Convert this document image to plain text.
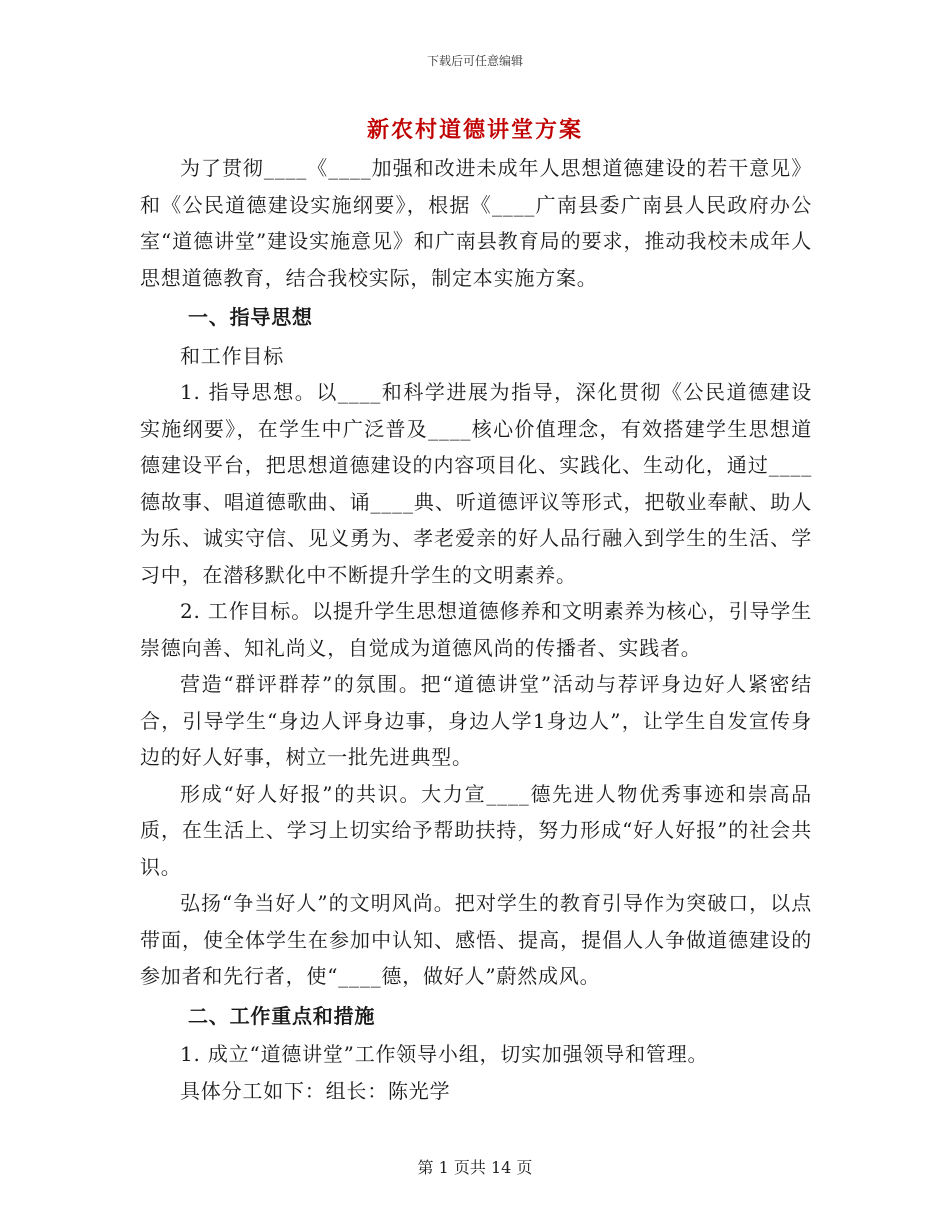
下载后可任意编辑
新农村道德讲堂方案

为了贯彻____《____加强和改进未成年人思想道德建设的若干意见》和《公民道德建设实施纲要》，根据《____广南县委广南县人民政府办公室“道德讲堂”建设实施意见》和广南县教育局的要求，推动我校未成年人思想道德教育，结合我校实际，制定本实施方案。

一、指导思想

和工作目标

1. 指导思想。以____和科学进展为指导，深化贯彻《公民道德建设实施纲要》，在学生中广泛普及____核心价值理念，有效搭建学生思想道德建设平台，把思想道德建设的内容项目化、实践化、生动化，通过____德故事、唱道德歌曲、诵____典、听道德评议等形式，把敬业奉献、助人为乐、诚实守信、见义勇为、孝老爱亲的好人品行融入到学生的生活、学习中，在潜移默化中不断提升学生的文明素养。

2. 工作目标。以提升学生思想道德修养和文明素养为核心，引导学生崇德向善、知礼尚义，自觉成为道德风尚的传播者、实践者。

营造“群评群荐”的氛围。把“道德讲堂”活动与荐评身边好人紧密结合，引导学生“身边人评身边事，身边人学1身边人”，让学生自发宣传身边的好人好事，树立一批先进典型。

形成“好人好报”的共识。大力宣____德先进人物优秀事迹和崇高品质，在生活上、学习上切实给予帮助扶持，努力形成“好人好报”的社会共识。

弘扬“争当好人”的文明风尚。把对学生的教育引导作为突破口，以点带面，使全体学生在参加中认知、感悟、提高，提倡人人争做道德建设的参加者和先行者，使“____德，做好人”蔚然成风。

二、工作重点和措施

1. 成立“道德讲堂”工作领导小组，切实加强领导和管理。

具体分工如下：组长：陈光学

第 1 页共 14 页
